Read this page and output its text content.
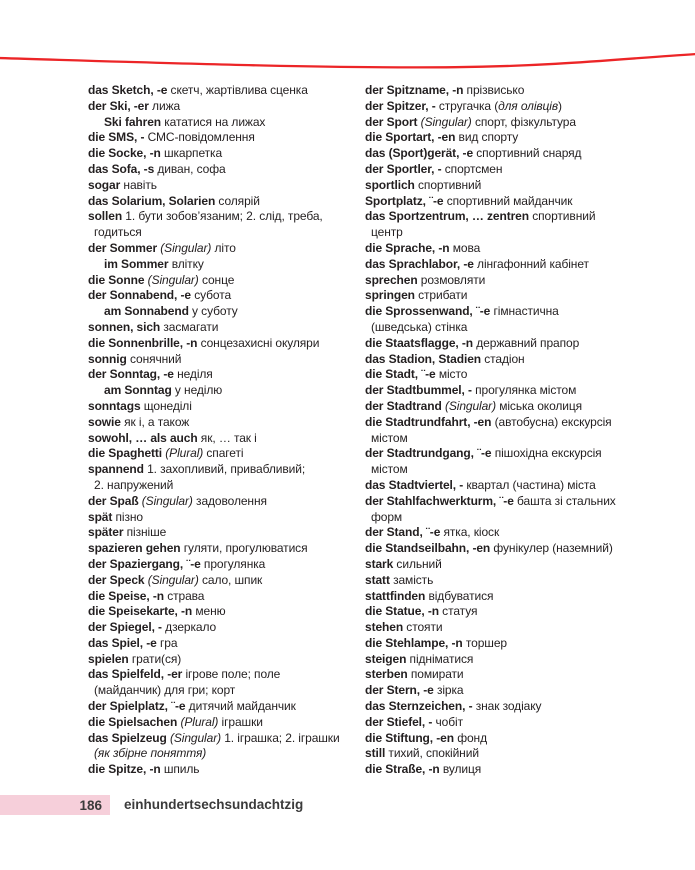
das Sketch, -e скетч, жартівлива сценка
der Ski, -er лижа
Ski fahren кататися на лижах
die SMS, - СМС-повідомлення
die Socke, -n шкарпетка
das Sofa, -s диван, софа
sogar навіть
das Solarium, Solarien солярій
sollen 1. бути зобов’язаним; 2. слід, треба,
годиться
der Sommer (Singular) літо
im Sommer влітку
die Sonne (Singular) сонце
der Sonnabend, -e субота
am Sonnabend у суботу
sonnen, sich засмагати
die Sonnenbrille, -n сонцезахисні окуляри
sonnig сонячний
der Sonntag, -e неділя
am Sonntag у неділю
sonntags щонеділі
sowie як і, а також
sowohl, … als auch як, … так і
die Spaghetti (Plural) спагеті
spannend 1. захопливий, привабливий;
2. напружений
der Spaß (Singular) задоволення
spät пізно
später пізніше
spazieren gehen гуляти, прогулюватися
der Spaziergang, ¨-e прогулянка
der Speck (Singular) сало, шпик
die Speise, -n страва
die Speisekarte, -n меню
der Spiegel, - дзеркало
das Spiel, -e гра
spielen грати(ся)
das Spielfeld, -er ігрове поле; поле
(майданчик) для гри; корт
der Spielplatz, ¨-e дитячий майданчик
die Spielsachen (Plural) іграшки
das Spielzeug (Singular) 1. іграшка; 2. іграшки
(як збірне поняття)
die Spitze, -n шпиль
der Spitzname, -n прізвисько
der Spitzer, - стругачка (для олівців)
der Sport (Singular) спорт, фізкультура
die Sportart, -en вид спорту
das (Sport)gerät, -e спортивний снаряд
der Sportler, - спортсмен
sportlich спортивний
Sportplatz, ¨-e спортивний майданчик
das Sportzentrum, … zentren спортивний
центр
die Sprache, -n мова
das Sprachlabor, -e лінгафонний кабінет
sprechen розмовляти
springen стрибати
die Sprossenwand, ¨-e гімнастична
(шведська) стінка
die Staatsflagge, -n державний прапор
das Stadion, Stadien стадіон
die Stadt, ¨-e місто
der Stadtbummel, - прогулянка містом
der Stadtrand (Singular) міська околиця
die Stadtrundfahrt, -en (автобусна) екскурсія
містом
der Stadtrundgang, ¨-e пішохідна екскурсія
містом
das Stadtviertel, - квартал (частина) міста
der Stahlfachwerkturm, ¨-e башта зі стальних
форм
der Stand, ¨-e ятка, кіоск
die Standseilbahn, -en фунікулер (наземний)
stark сильний
statt замість
stattfinden відбуватися
die Statue, -n статуя
stehen стояти
die Stehlampe, -n торшер
steigen підніматися
sterben помирати
der Stern, -e зірка
das Sternzeichen, - знак зодіаку
der Stiefel, - чобіт
die Stiftung, -en фонд
still тихий, спокійний
die Straße, -n вулиця
186 einhundertsechsundachtzig
